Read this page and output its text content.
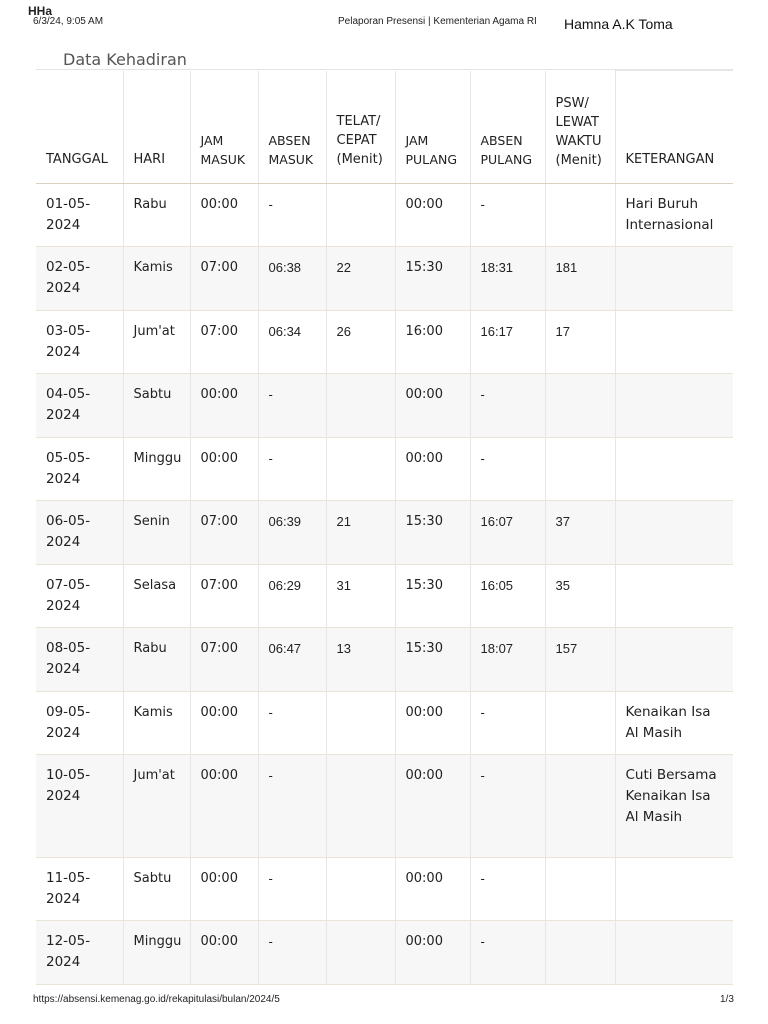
HHa
6/3/24, 9:05 AM	Pelaporan Presensi | Kementerian Agama RI Hamna A.K Toma
Data Kehadiran
TANGGAL	HARI	JAM MASUK	ABSEN MASUK	TELAT/ CEPAT (Menit)	JAM PULANG	ABSEN PULANG	PSW/ LEWAT WAKTU (Menit)	KETERANGAN
01-05-2024	Rabu	00:00	-		00:00	-		Hari Buruh Internasional
02-05-2024	Kamis	07:00	06:38	22	15:30	18:31	181	
03-05-2024	Jum'at	07:00	06:34	26	16:00	16:17	17	
04-05-2024	Sabtu	00:00	-		00:00	-		
05-05-2024	Minggu	00:00	-		00:00	-		
06-05-2024	Senin	07:00	06:39	21	15:30	16:07	37	
07-05-2024	Selasa	07:00	06:29	31	15:30	16:05	35	
08-05-2024	Rabu	07:00	06:47	13	15:30	18:07	157	
09-05-2024	Kamis	00:00	-		00:00	-		Kenaikan Isa Al Masih
10-05-2024	Jum'at	00:00	-		00:00	-		Cuti Bersama Kenaikan Isa Al Masih
11-05-2024	Sabtu	00:00	-		00:00	-		
12-05-2024	Minggu	00:00	-		00:00	-		
https://absensi.kemenag.go.id/rekapitulasi/bulan/2024/5	1/3
